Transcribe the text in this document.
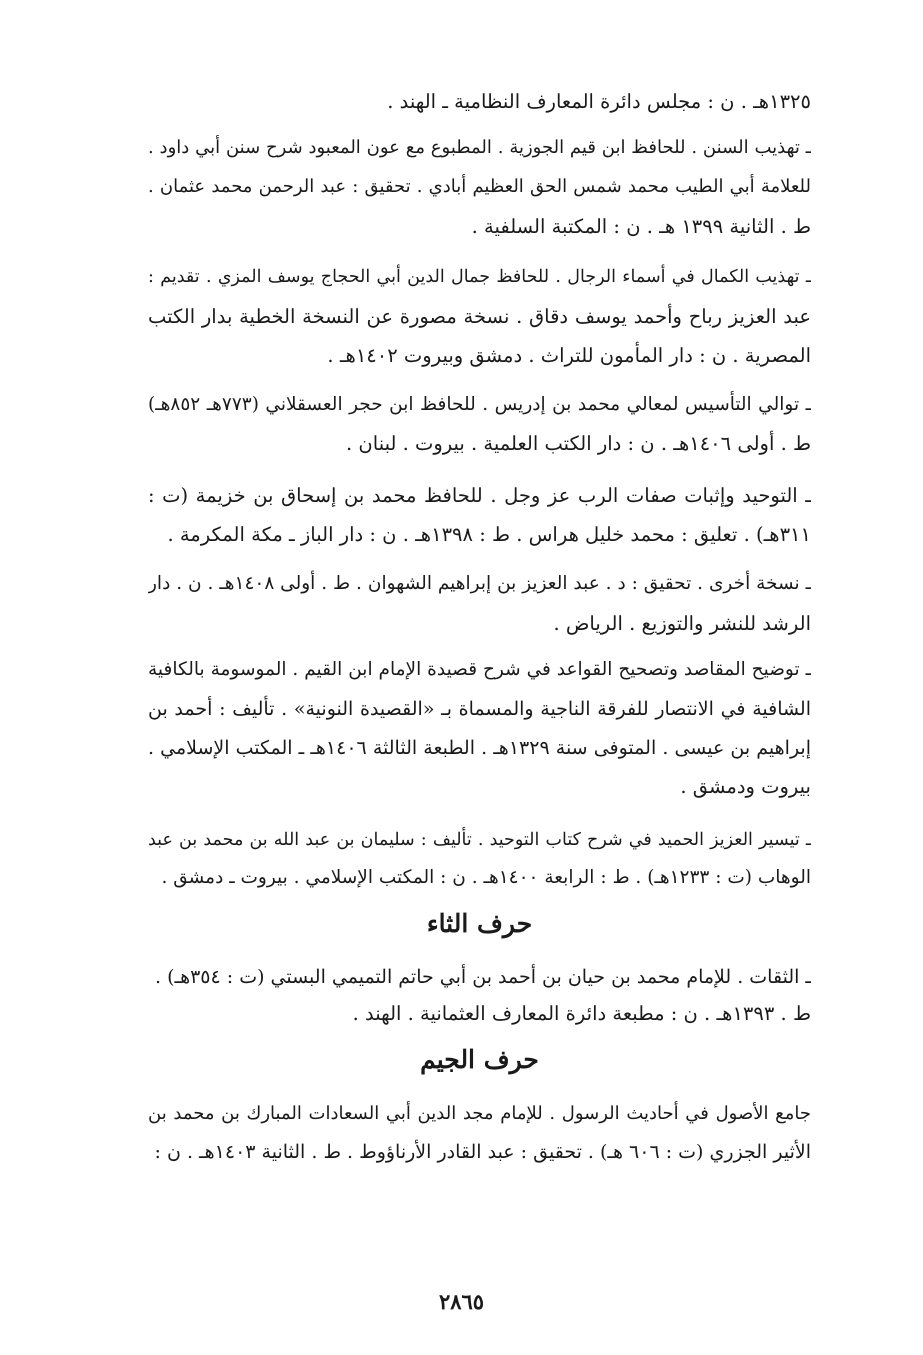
١٣٢٥هـ . ن : مجلس دائرة المعارف النظامية ـ الهند .
ـ تهذيب السنن . للحافظ ابن قيم الجوزية . المطبوع مع عون المعبود شرح سنن أبي داود .
للعلامة أبي الطيب محمد شمس الحق العظيم أبادي . تحقيق : عبد الرحمن محمد عثمان .
ط . الثانية ١٣٩٩ هـ . ن : المكتبة السلفية .
ـ تهذيب الكمال في أسماء الرجال . للحافظ جمال الدين أبي الحجاج يوسف المزي . تقديم :
عبد العزيز رباح وأحمد يوسف دقاق . نسخة مصورة عن النسخة الخطية بدار الكتب
المصرية . ن : دار المأمون للتراث . دمشق وبيروت ١٤٠٢هـ .
ـ توالي التأسيس لمعالي محمد بن إدريس . للحافظ ابن حجر العسقلاني (٧٧٣هـ ٨٥٢هـ)
ط . أولى ١٤٠٦هـ . ن : دار الكتب العلمية . بيروت . لبنان .
ـ التوحيد وإثبات صفات الرب عز وجل . للحافظ محمد بن إسحاق بن خزيمة (ت :
٣١١هـ) . تعليق : محمد خليل هراس . ط : ١٣٩٨هـ . ن : دار الباز ـ مكة المكرمة .
ـ نسخة أخرى . تحقيق : د . عبد العزيز بن إبراهيم الشهوان . ط . أولى ١٤٠٨هـ . ن . دار
الرشد للنشر والتوزيع . الرياض .
ـ توضيح المقاصد وتصحيح القواعد في شرح قصيدة الإمام ابن القيم . الموسومة بالكافية
الشافية في الانتصار للفرقة الناجية والمسماة بـ «القصيدة النونية» . تأليف : أحمد بن
إبراهيم بن عيسى . المتوفى سنة ١٣٢٩هـ . الطبعة الثالثة ١٤٠٦هـ ـ المكتب الإسلامي .
بيروت ودمشق .
ـ تيسير العزيز الحميد في شرح كتاب التوحيد . تأليف : سليمان بن عبد الله بن محمد بن عبد
الوهاب (ت : ١٢٣٣هـ) . ط : الرابعة ١٤٠٠هـ . ن : المكتب الإسلامي . بيروت ـ دمشق .
حرف الثاء
ـ الثقات . للإمام محمد بن حيان بن أحمد بن أبي حاتم التميمي البستي (ت : ٣٥٤هـ) .
ط . ١٣٩٣هـ . ن : مطبعة دائرة المعارف العثمانية . الهند .
حرف الجيم
جامع الأصول في أحاديث الرسول . للإمام مجد الدين أبي السعادات المبارك بن محمد بن
الأثير الجزري (ت : ٦٠٦ هـ) . تحقيق : عبد القادر الأرناؤوط . ط . الثانية ١٤٠٣هـ . ن :
٢٨٦٥
